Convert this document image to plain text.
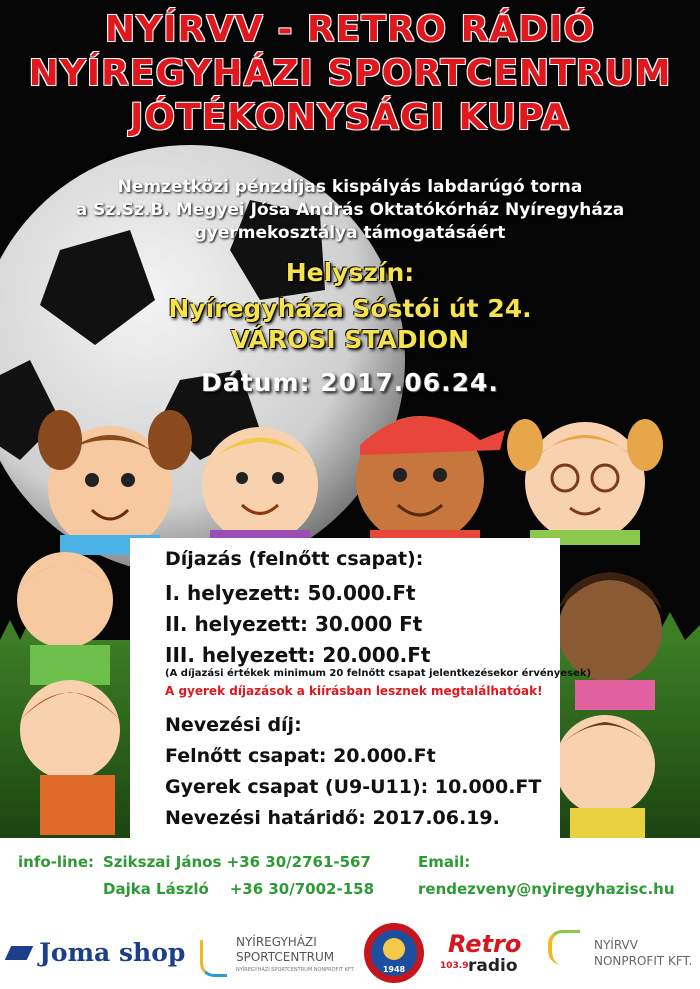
NYÍRVV - RETRO RÁDIÓ
NYÍREGYHÁZI SPORTCENTRUM
JÓTÉKONYSÁGI KUPA
Nemzetközi pénzdíjas kispályás labdarúgó torna
a Sz.Sz.B. Megyei Jósa András Oktatókórház Nyíregyháza
gyermekosztálya támogatásáért
Helyszín:
Nyíregyháza Sóstói út 24.
VÁROSI STADION
Dátum: 2017.06.24.
Díjazás (felnőtt csapat):
I. helyezett: 50.000.Ft
II. helyezett: 30.000 Ft
III. helyezett: 20.000.Ft
(A díjazási értékek minimum 20 felnőtt csapat jelentkezésekor érvényesek)
A gyerek díjazások a kiírásban lesznek megtalálhatóak!
Nevezési díj:
Felnőtt csapat: 20.000.Ft
Gyerek csapat (U9-U11): 10.000.FT
Nevezési határidő: 2017.06.19.
info-line: Szikszai János +36 30/2761-567
Dajka László    +36 30/7002-158
Email:
rendezveny@nyiregyhazisc.hu
Joma shop	NYÍREGYHÁZI
SPORTCENTRUM
NYÍREGYHÁZI SPORTCENTRUM NONPROFIT KFT.	1948
Retro
103.9 radio
NYÍRVV
NONPROFIT KFT.
